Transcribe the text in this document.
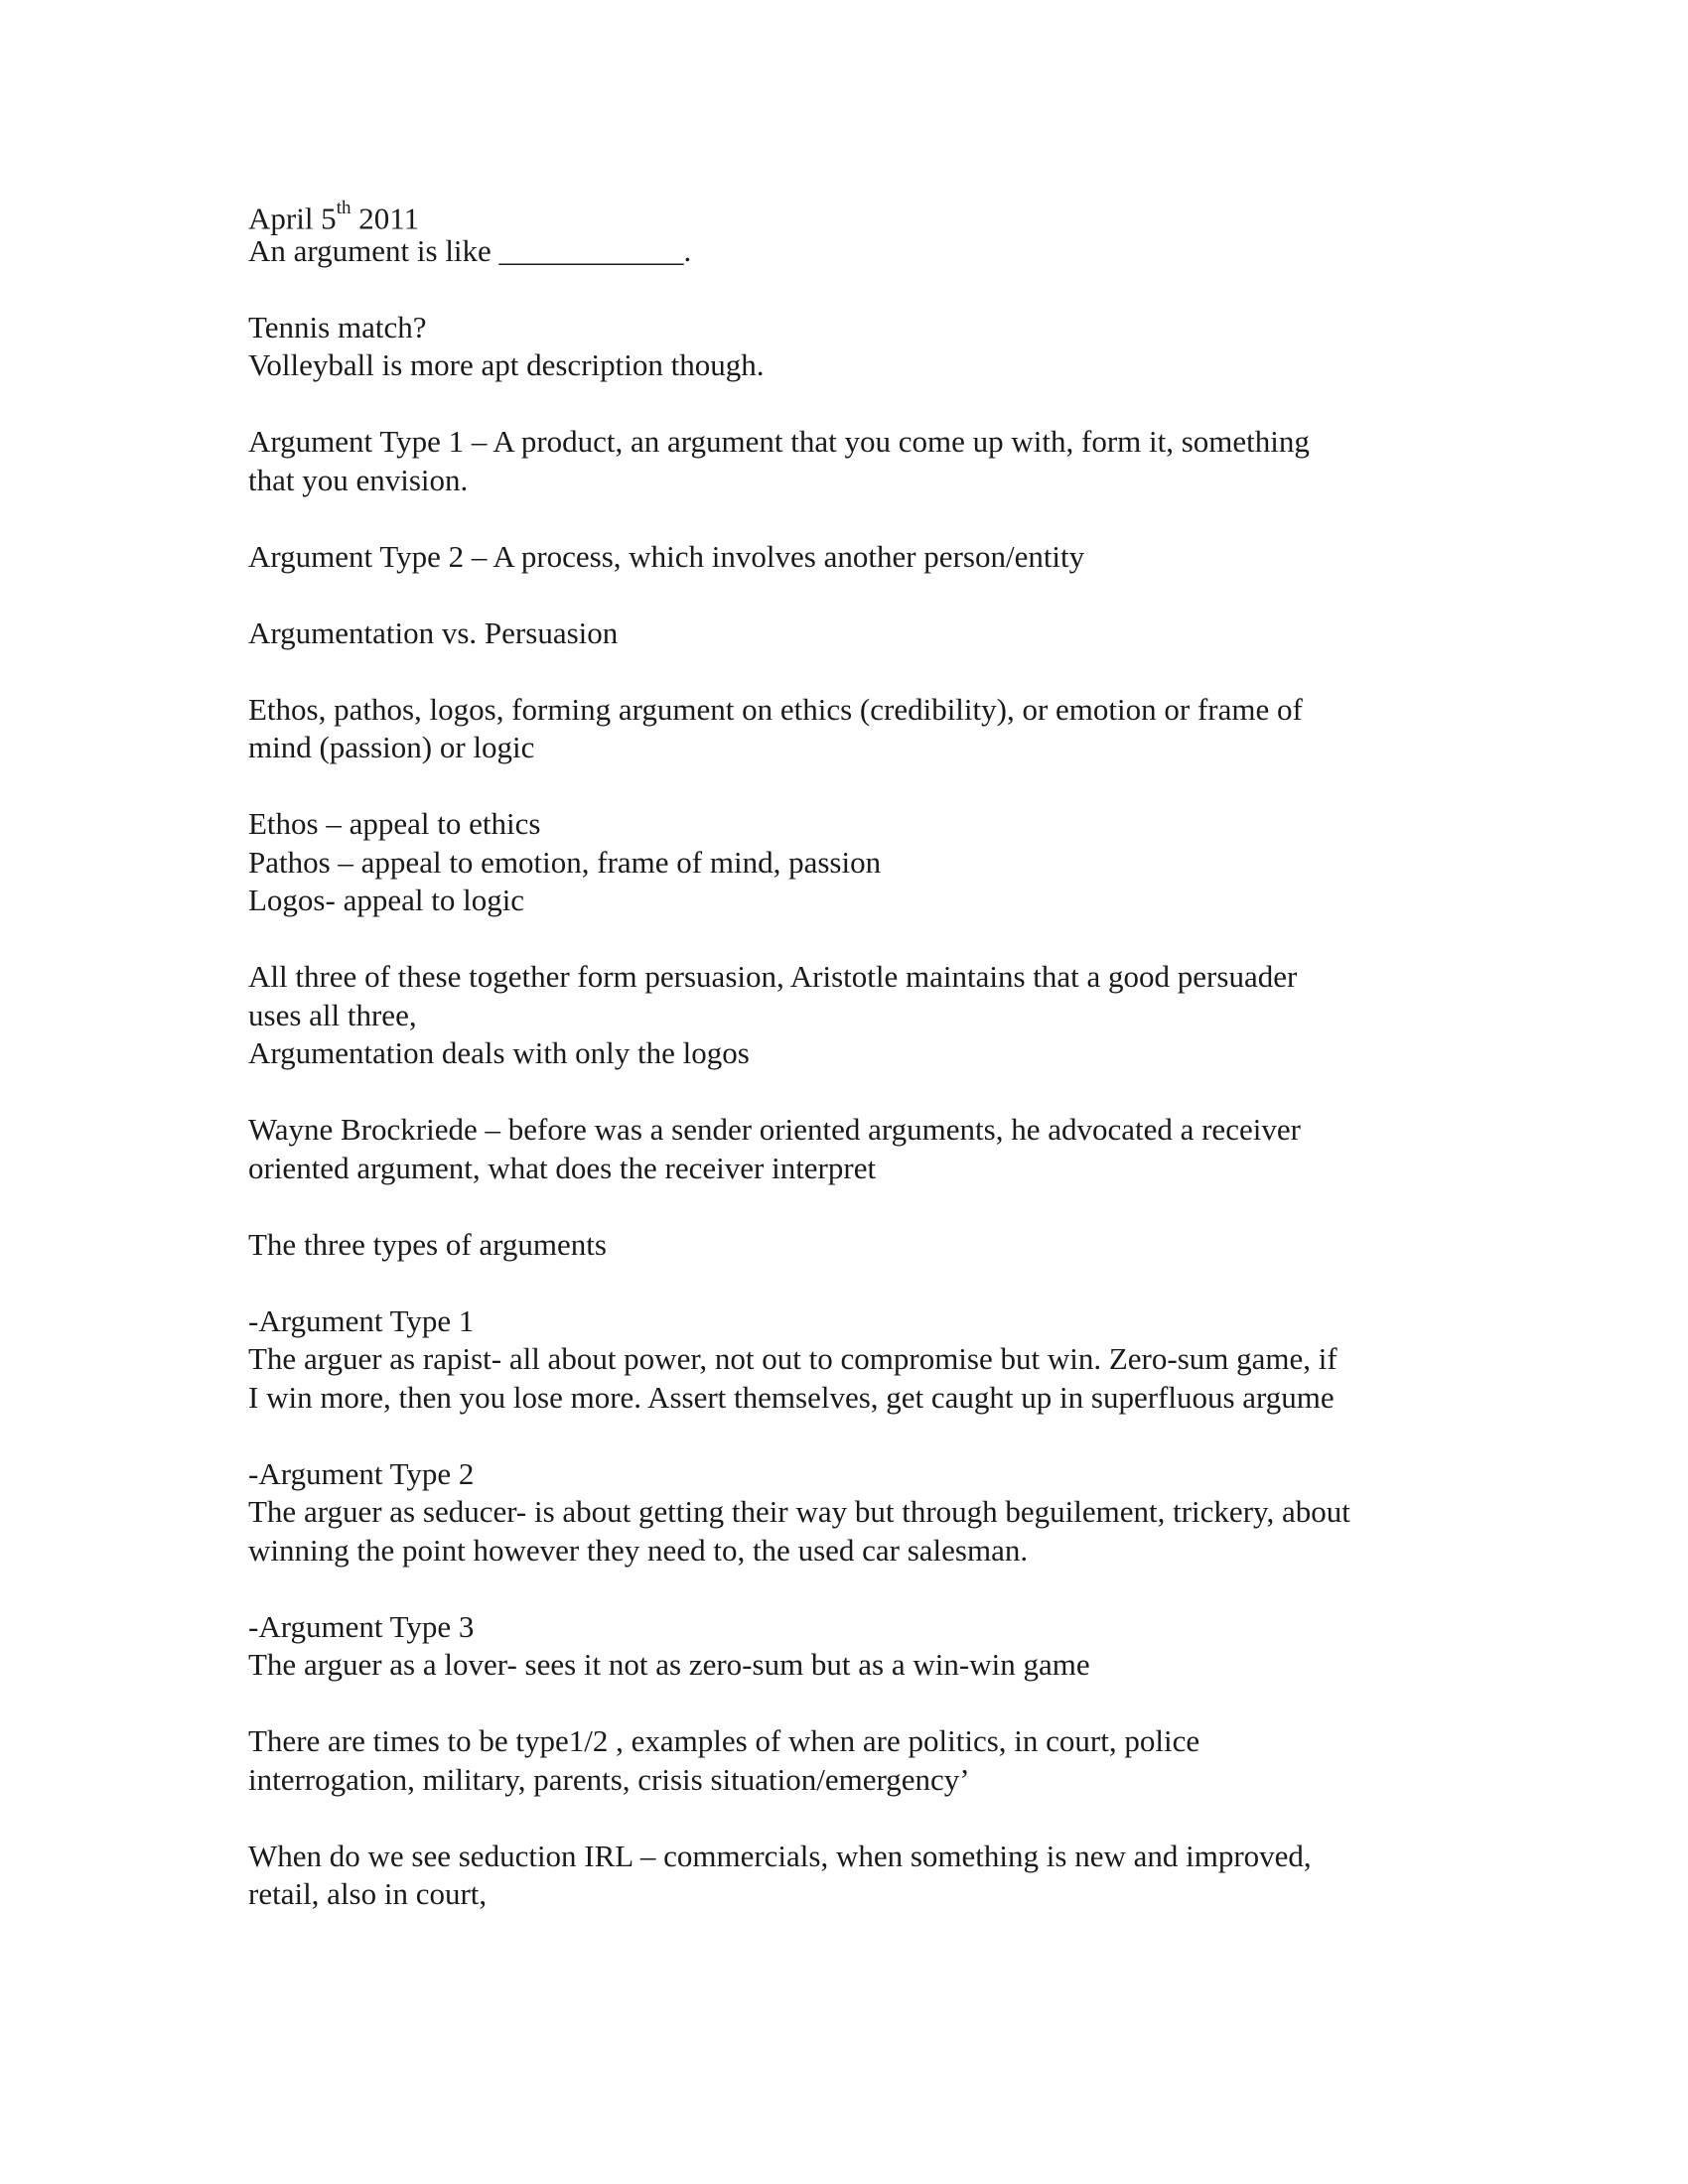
April 5th 2011
An argument is like ____________.
Tennis match?
Volleyball is more apt description though.
Argument Type 1 – A product, an argument that you come up with, form it, something
that you envision.
Argument Type 2 – A process, which involves another person/entity
Argumentation vs. Persuasion
Ethos, pathos, logos, forming argument on ethics (credibility), or emotion or frame of
mind (passion) or logic
Ethos – appeal to ethics
Pathos – appeal to emotion, frame of mind, passion
Logos- appeal to logic
All three of these together form persuasion, Aristotle maintains that a good persuader
uses all three,
Argumentation deals with only the logos
Wayne Brockriede – before was a sender oriented arguments, he advocated a receiver
oriented argument, what does the receiver interpret
The three types of arguments
-Argument Type 1
The arguer as rapist- all about power, not out to compromise but win. Zero-sum game, if
I win more, then you lose more. Assert themselves, get caught up in superfluous argume
-Argument Type 2
The arguer as seducer- is about getting their way but through beguilement, trickery, about
winning the point however they need to, the used car salesman.
-Argument Type 3
The arguer as a lover- sees it not as zero-sum but as a win-win game
There are times to be type1/2 , examples of when are politics, in court, police
interrogation, military, parents, crisis situation/emergency’
When do we see seduction IRL – commercials, when something is new and improved,
retail, also in court,
